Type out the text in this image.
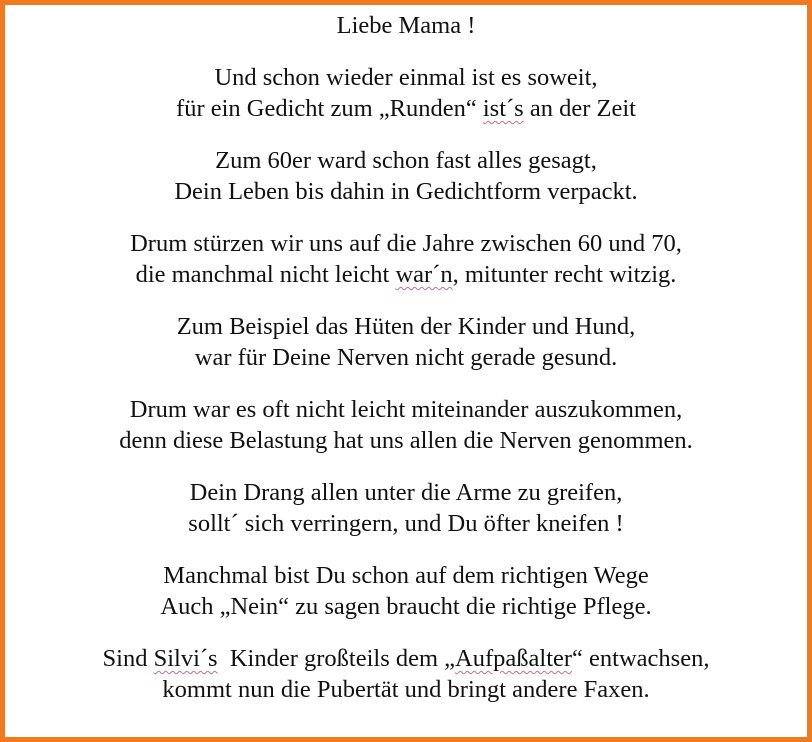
Liebe Mama !
Und schon wieder einmal ist es soweit,
für ein Gedicht zum „Runden“ ist´s an der Zeit
Zum 60er ward schon fast alles gesagt,
Dein Leben bis dahin in Gedichtform verpackt.
Drum stürzen wir uns auf die Jahre zwischen 60 und 70,
die manchmal nicht leicht war´n, mitunter recht witzig.
Zum Beispiel das Hüten der Kinder und Hund,
war für Deine Nerven nicht gerade gesund.
Drum war es oft nicht leicht miteinander auszukommen,
denn diese Belastung hat uns allen die Nerven genommen.
Dein Drang allen unter die Arme zu greifen,
sollt´ sich verringern, und Du öfter kneifen !
Manchmal bist Du schon auf dem richtigen Wege
Auch „Nein“ zu sagen braucht die richtige Pflege.
Sind Silvi´s  Kinder großteils dem „Aufpaßalter“ entwachsen,
kommt nun die Pubertät und bringt andere Faxen.
